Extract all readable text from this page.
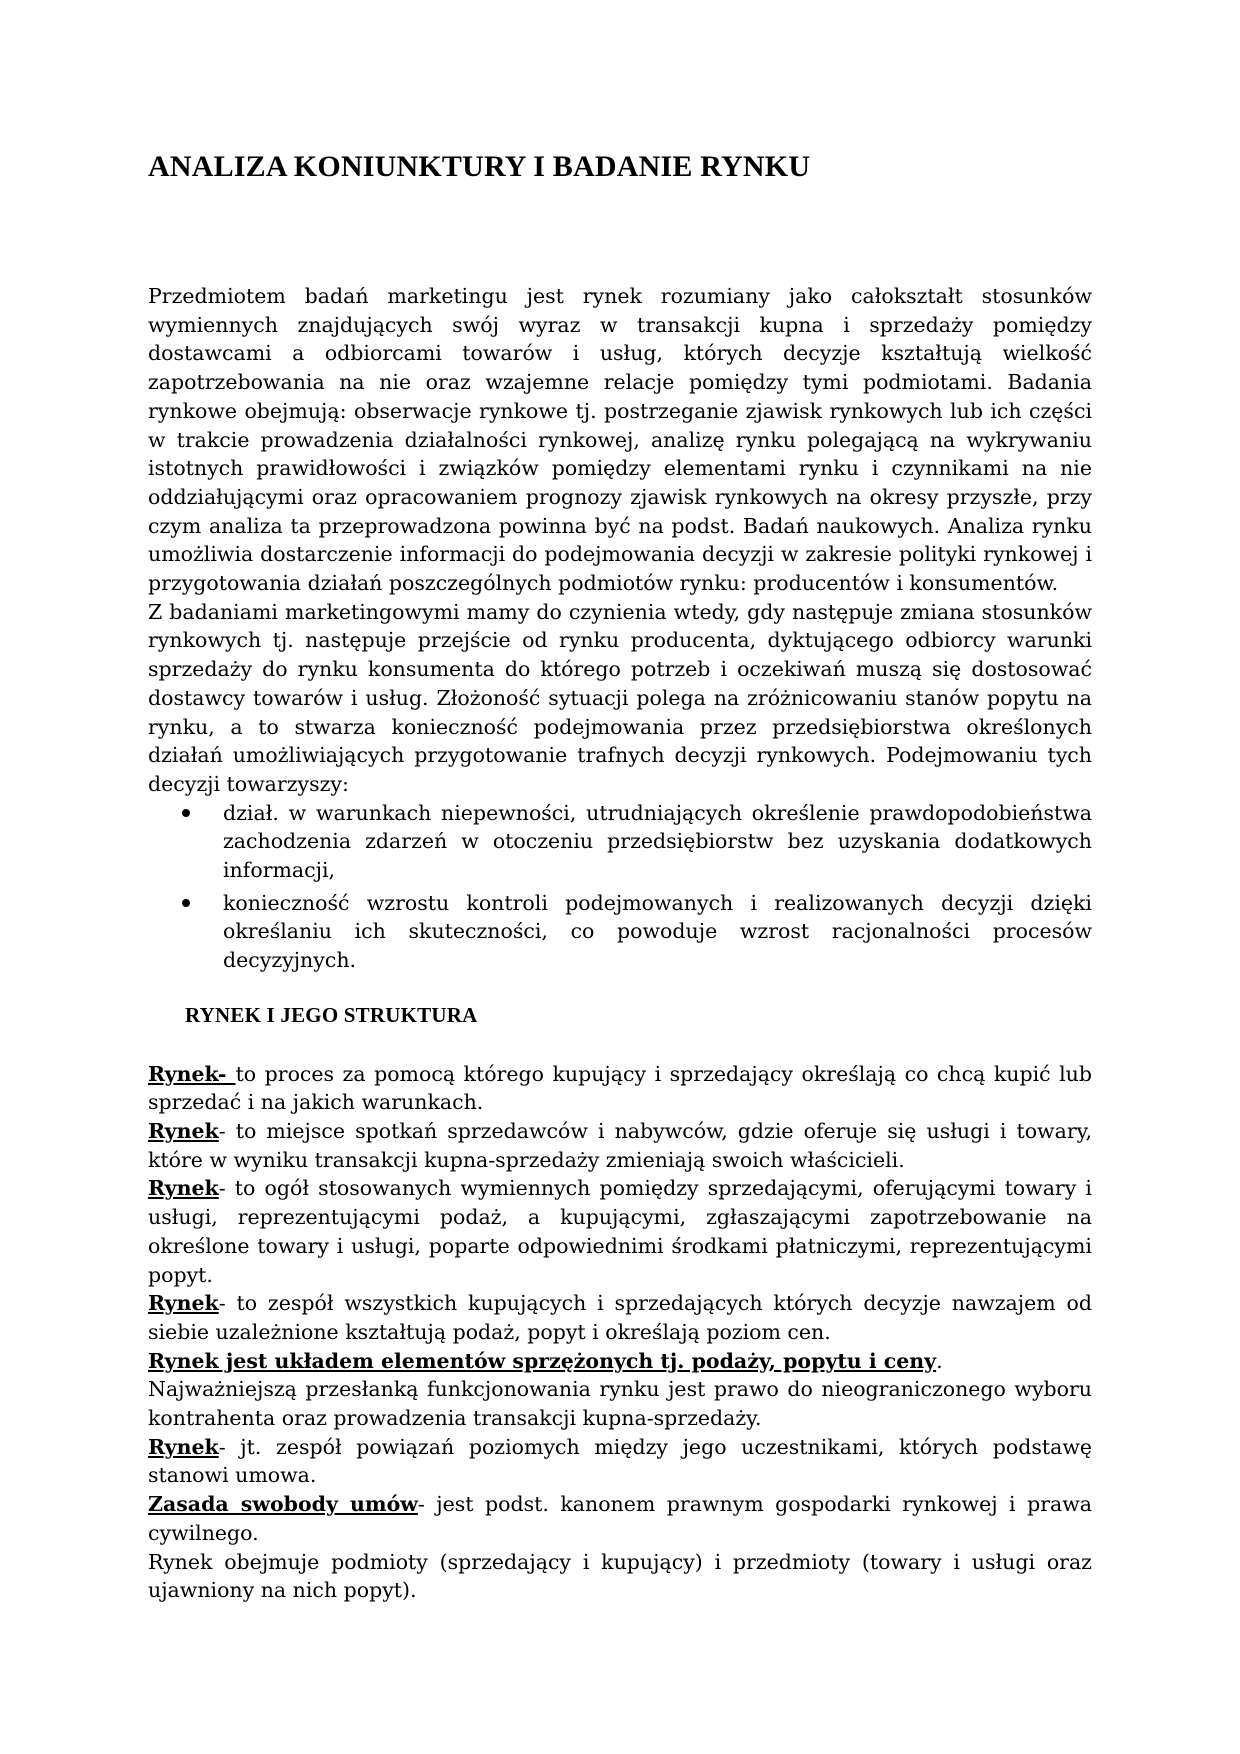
ANALIZA KONIUNKTURY I BADANIE RYNKU

Przedmiotem badań marketingu jest rynek rozumiany jako całokształt stosunków wymiennych znajdujących swój wyraz w transakcji kupna i sprzedaży pomiędzy dostawcami a odbiorcami towarów i usług, których decyzje kształtują wielkość zapotrzebowania na nie oraz wzajemne relacje pomiędzy tymi podmiotami. Badania rynkowe obejmują: obserwacje rynkowe tj. postrzeganie zjawisk rynkowych lub ich części w trakcie prowadzenia działalności rynkowej, analizę rynku polegającą na wykrywaniu istotnych prawidłowości i związków pomiędzy elementami rynku i czynnikami na nie oddziałującymi oraz opracowaniem prognozy zjawisk rynkowych na okresy przyszłe, przy czym analiza ta przeprowadzona powinna być na podst. Badań naukowych. Analiza rynku umożliwia dostarczenie informacji do podejmowania decyzji w zakresie polityki rynkowej i przygotowania działań poszczególnych podmiotów rynku: producentów i konsumentów.

Z badaniami marketingowymi mamy do czynienia wtedy, gdy następuje zmiana stosunków rynkowych tj. następuje przejście od rynku producenta, dyktującego odbiorcy warunki sprzedaży do rynku konsumenta do którego potrzeb i oczekiwań muszą się dostosować dostawcy towarów i usług. Złożoność sytuacji polega na zróżnicowaniu stanów popytu na rynku, a to stwarza konieczność podejmowania przez przedsiębiorstwa określonych działań umożliwiających przygotowanie trafnych decyzji rynkowych. Podejmowaniu tych decyzji towarzyszy:

dział. w warunkach niepewności, utrudniających określenie prawdopodobieństwa zachodzenia zdarzeń w otoczeniu przedsiębiorstw bez uzyskania dodatkowych informacji,
konieczność wzrostu kontroli podejmowanych i realizowanych decyzji dzięki określaniu ich skuteczności, co powoduje wzrost racjonalności procesów decyzyjnych.

RYNEK I JEGO STRUKTURA

Rynek- to proces za pomocą którego kupujący i sprzedający określają co chcą kupić lub sprzedać i na jakich warunkach.

Rynek- to miejsce spotkań sprzedawców i nabywców, gdzie oferuje się usługi i towary, które w wyniku transakcji kupna-sprzedaży zmieniają swoich właścicieli.

Rynek- to ogół stosowanych wymiennych pomiędzy sprzedającymi, oferującymi towary i usługi, reprezentującymi podaż, a kupującymi, zgłaszającymi zapotrzebowanie na określone towary i usługi, poparte odpowiednimi środkami płatniczymi, reprezentującymi popyt.

Rynek- to zespół wszystkich kupujących i sprzedających których decyzje nawzajem od siebie uzależnione kształtują podaż, popyt i określają poziom cen.

Rynek jest układem elementów sprzężonych tj. podaży, popytu i ceny.

Najważniejszą przesłanką funkcjonowania rynku jest prawo do nieograniczonego wyboru kontrahenta oraz prowadzenia transakcji kupna-sprzedaży.

Rynek- jt. zespół powiązań poziomych między jego uczestnikami, których podstawę stanowi umowa.

Zasada swobody umów- jest podst. kanonem prawnym gospodarki rynkowej i prawa cywilnego.

Rynek obejmuje podmioty (sprzedający i kupujący) i przedmioty (towary i usługi oraz ujawniony na nich popyt).
